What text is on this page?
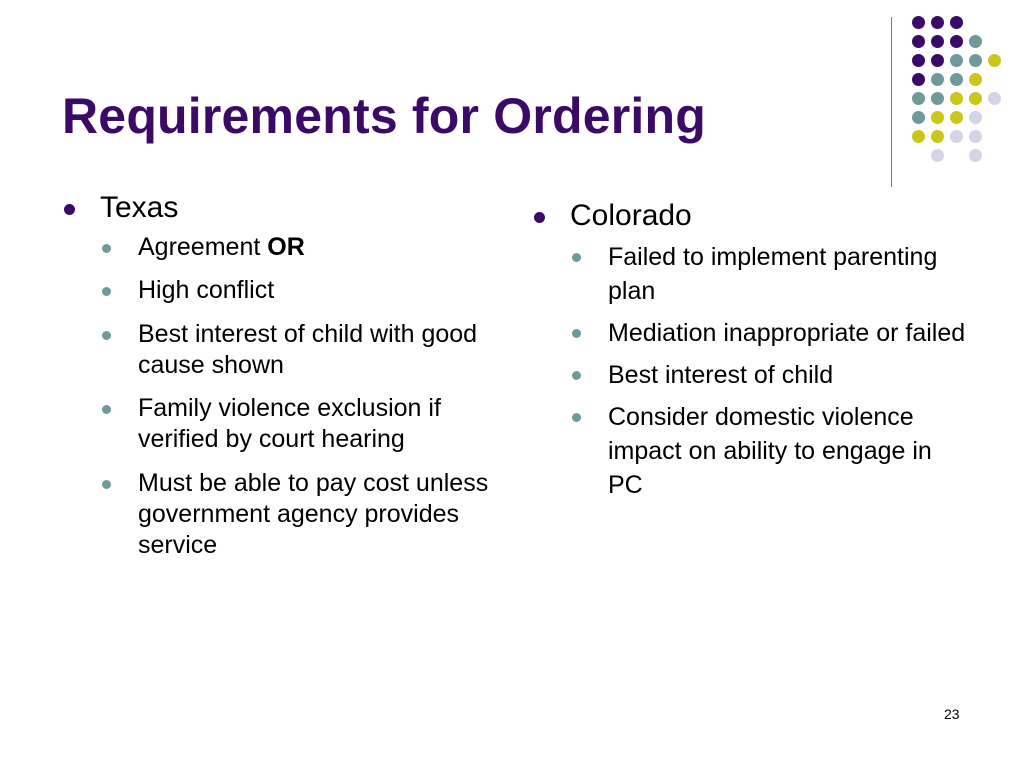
Requirements for Ordering
Texas
Agreement OR
High conflict
Best interest of child with good cause shown
Family violence exclusion if verified by court hearing
Must be able to pay cost unless government agency provides service
Colorado
Failed to implement parenting plan
Mediation inappropriate or failed
Best interest of child
Consider domestic violence impact on ability to engage in PC
23
